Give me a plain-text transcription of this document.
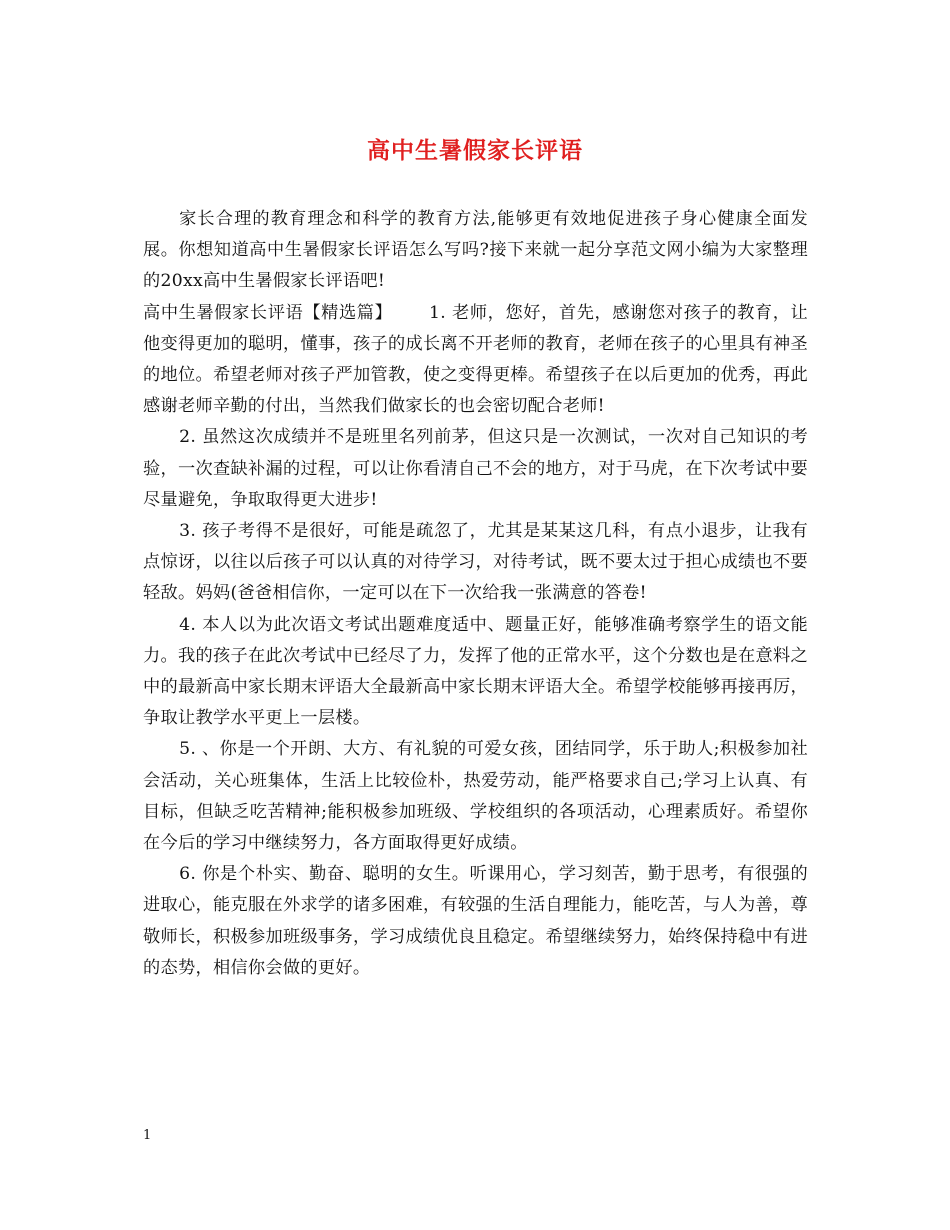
高中生暑假家长评语

家长合理的教育理念和科学的教育方法,能够更有效地促进孩子身心健康全面发展。你想知道高中生暑假家长评语怎么写吗?接下来就一起分享范文网小编为大家整理的20xx高中生暑假家长评语吧!

高中生暑假家长评语【精选篇】 1. 老师，您好，首先，感谢您对孩子的教育，让他变得更加的聪明，懂事，孩子的成长离不开老师的教育，老师在孩子的心里具有神圣的地位。希望老师对孩子严加管教，使之变得更棒。希望孩子在以后更加的优秀，再此感谢老师辛勤的付出，当然我们做家长的也会密切配合老师!

2. 虽然这次成绩并不是班里名列前茅，但这只是一次测试，一次对自己知识的考验，一次查缺补漏的过程，可以让你看清自己不会的地方，对于马虎，在下次考试中要尽量避免，争取取得更大进步!

3. 孩子考得不是很好，可能是疏忽了，尤其是某某这几科，有点小退步，让我有点惊讶，以往以后孩子可以认真的对待学习，对待考试，既不要太过于担心成绩也不要轻敌。妈妈(爸爸相信你，一定可以在下一次给我一张满意的答卷!

4. 本人以为此次语文考试出题难度适中、题量正好，能够准确考察学生的语文能力。我的孩子在此次考试中已经尽了力，发挥了他的正常水平，这个分数也是在意料之中的最新高中家长期末评语大全最新高中家长期末评语大全。希望学校能够再接再厉，争取让教学水平更上一层楼。

5. 、你是一个开朗、大方、有礼貌的可爱女孩，团结同学，乐于助人;积极参加社会活动，关心班集体，生活上比较俭朴，热爱劳动，能严格要求自己;学习上认真、有目标，但缺乏吃苦精神;能积极参加班级、学校组织的各项活动，心理素质好。希望你在今后的学习中继续努力，各方面取得更好成绩。

6. 你是个朴实、勤奋、聪明的女生。听课用心，学习刻苦，勤于思考，有很强的进取心，能克服在外求学的诸多困难，有较强的生活自理能力，能吃苦，与人为善，尊敬师长，积极参加班级事务，学习成绩优良且稳定。希望继续努力，始终保持稳中有进的态势，相信你会做的更好。

1
